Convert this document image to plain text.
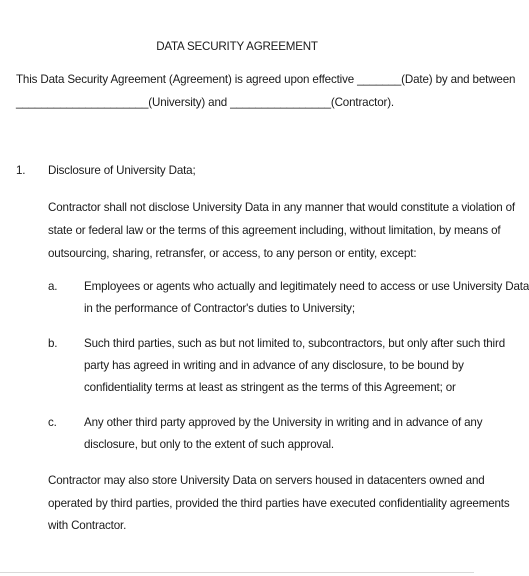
DATA SECURITY AGREEMENT
This Data Security Agreement (Agreement) is agreed upon effective _______(Date) by and between
_____________________(University) and ________________(Contractor).
1. Disclosure of University Data;
Contractor shall not disclose University Data in any manner that would constitute a violation of
state or federal law or the terms of this agreement including, without limitation, by means of
outsourcing, sharing, retransfer, or access, to any person or entity, except:
a. Employees or agents who actually and legitimately need to access or use University Data
in the performance of Contractor's duties to University;
b. Such third parties, such as but not limited to, subcontractors, but only after such third
party has agreed in writing and in advance of any disclosure, to be bound by
confidentiality terms at least as stringent as the terms of this Agreement; or
c. Any other third party approved by the University in writing and in advance of any
disclosure, but only to the extent of such approval.
Contractor may also store University Data on servers housed in datacenters owned and
operated by third parties, provided the third parties have executed confidentiality agreements
with Contractor.
